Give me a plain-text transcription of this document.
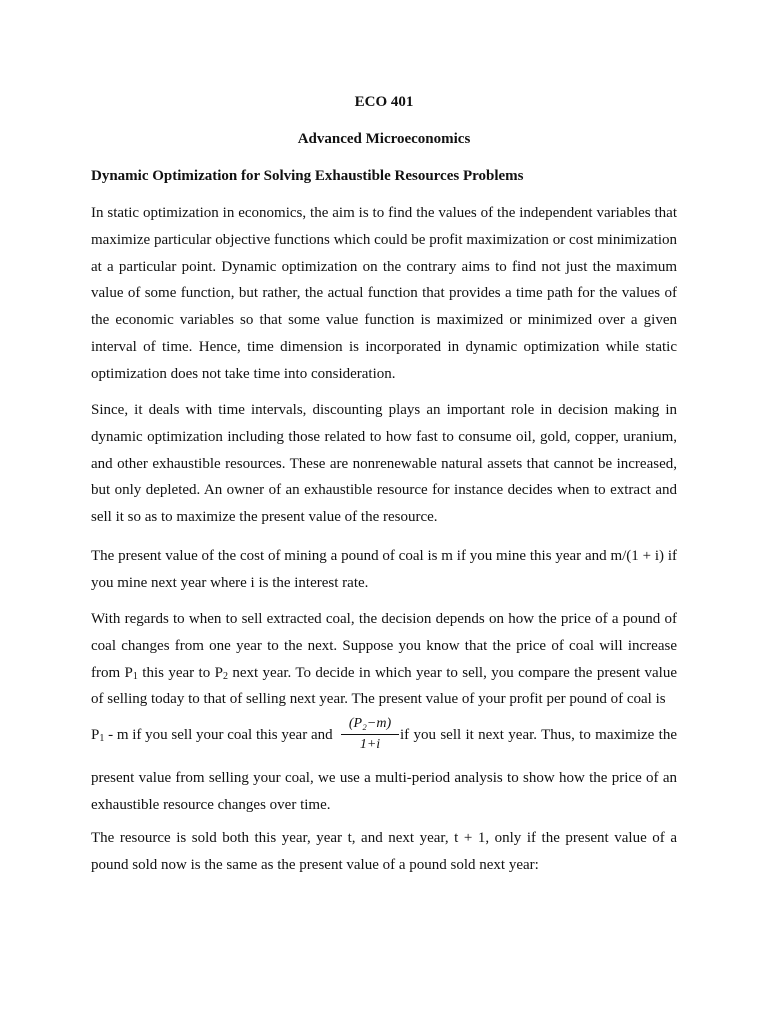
ECO 401
Advanced Microeconomics
Dynamic Optimization for Solving Exhaustible Resources Problems

In static optimization in economics, the aim is to find the values of the independent variables that maximize particular objective functions which could be profit maximization or cost minimization at a particular point. Dynamic optimization on the contrary aims to find not just the maximum value of some function, but rather, the actual function that provides a time path for the values of the economic variables so that some value function is maximized or minimized over a given interval of time. Hence, time dimension is incorporated in dynamic optimization while static optimization does not take time into consideration.

Since, it deals with time intervals, discounting plays an important role in decision making in dynamic optimization including those related to how fast to consume oil, gold, copper, uranium, and other exhaustible resources. These are nonrenewable natural assets that cannot be increased, but only depleted. An owner of an exhaustible resource for instance decides when to extract and sell it so as to maximize the present value of the resource.

The present value of the cost of mining a pound of coal is m if you mine this year and m/(1 + i) if you mine next year where i is the interest rate.

With regards to when to sell extracted coal, the decision depends on how the price of a pound of coal changes from one year to the next. Suppose you know that the price of coal will increase from $P_1$ this year to $P_2$ next year. To decide in which year to sell, you compare the present value of selling today to that of selling next year. The present value of your profit per pound of coal is

$P_1$ - m if you sell your coal this year and $\frac{\text{(P₂−m)}}{1+i}$ if you sell it next year. Thus, to maximize the

present value from selling your coal, we use a multi-period analysis to show how the price of an exhaustible resource changes over time.

The resource is sold both this year, year t, and next year, t + 1, only if the present value of a pound sold now is the same as the present value of a pound sold next year:
